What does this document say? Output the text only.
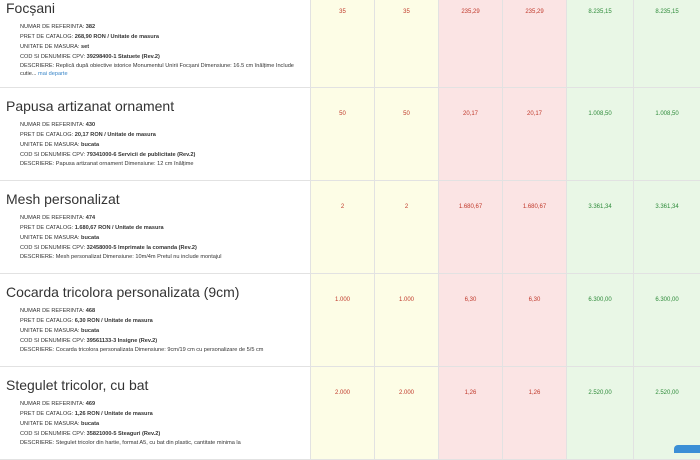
Focșani
NUMAR DE REFERINTA: 382
PRET DE CATALOG: 268,90 RON / Unitate de masura
UNITATE DE MASURA: set
COD SI DENUMIRE CPV: 39298400-1 Statuete (Rev.2)
DESCRIERE: Replică după obiective istorice Monumentul Unirii Focșani Dimensiune: 16.5 cm înălțime Include cutie... mai departe
35	35	235,29	235,29	8.235,15	8.235,15
Papusa artizanat ornament
NUMAR DE REFERINTA: 430
PRET DE CATALOG: 20,17 RON / Unitate de masura
UNITATE DE MASURA: bucata
COD SI DENUMIRE CPV: 79341000-6 Servicii de publicitate (Rev.2)
DESCRIERE: Papusa artizanat ornament Dimensiune: 12 cm înălțime
50	50	20,17	20,17	1.008,50	1.008,50
Mesh personalizat
NUMAR DE REFERINTA: 474
PRET DE CATALOG: 1.680,67 RON / Unitate de masura
UNITATE DE MASURA: bucata
COD SI DENUMIRE CPV: 32458000-5 Imprimate la comanda (Rev.2)
DESCRIERE: Mesh personalizat Dimensiune: 10m/4m Pretul nu include montajul
2	2	1.680,67	1.680,67	3.361,34	3.361,34
Cocarda tricolora personalizata (9cm)
NUMAR DE REFERINTA: 468
PRET DE CATALOG: 6,30 RON / Unitate de masura
UNITATE DE MASURA: bucata
COD SI DENUMIRE CPV: 39561133-3 Insigne (Rev.2)
DESCRIERE: Cocarda tricolora personalizata Dimensiune: 9cm/19 cm cu personalizare de 5/5 cm
1.000	1.000	6,30	6,30	6.300,00	6.300,00
Stegulet tricolor, cu bat
NUMAR DE REFERINTA: 469
PRET DE CATALOG: 1,26 RON / Unitate de masura
UNITATE DE MASURA: bucata
COD SI DENUMIRE CPV: 35821000-5 Steaguri (Rev.2)
DESCRIERE: Stegulet tricolor din hartie, format A5, cu bat din plastic, cantitate minima la
2.000	2.000	1,26	1,26	2.520,00	2.520,00
